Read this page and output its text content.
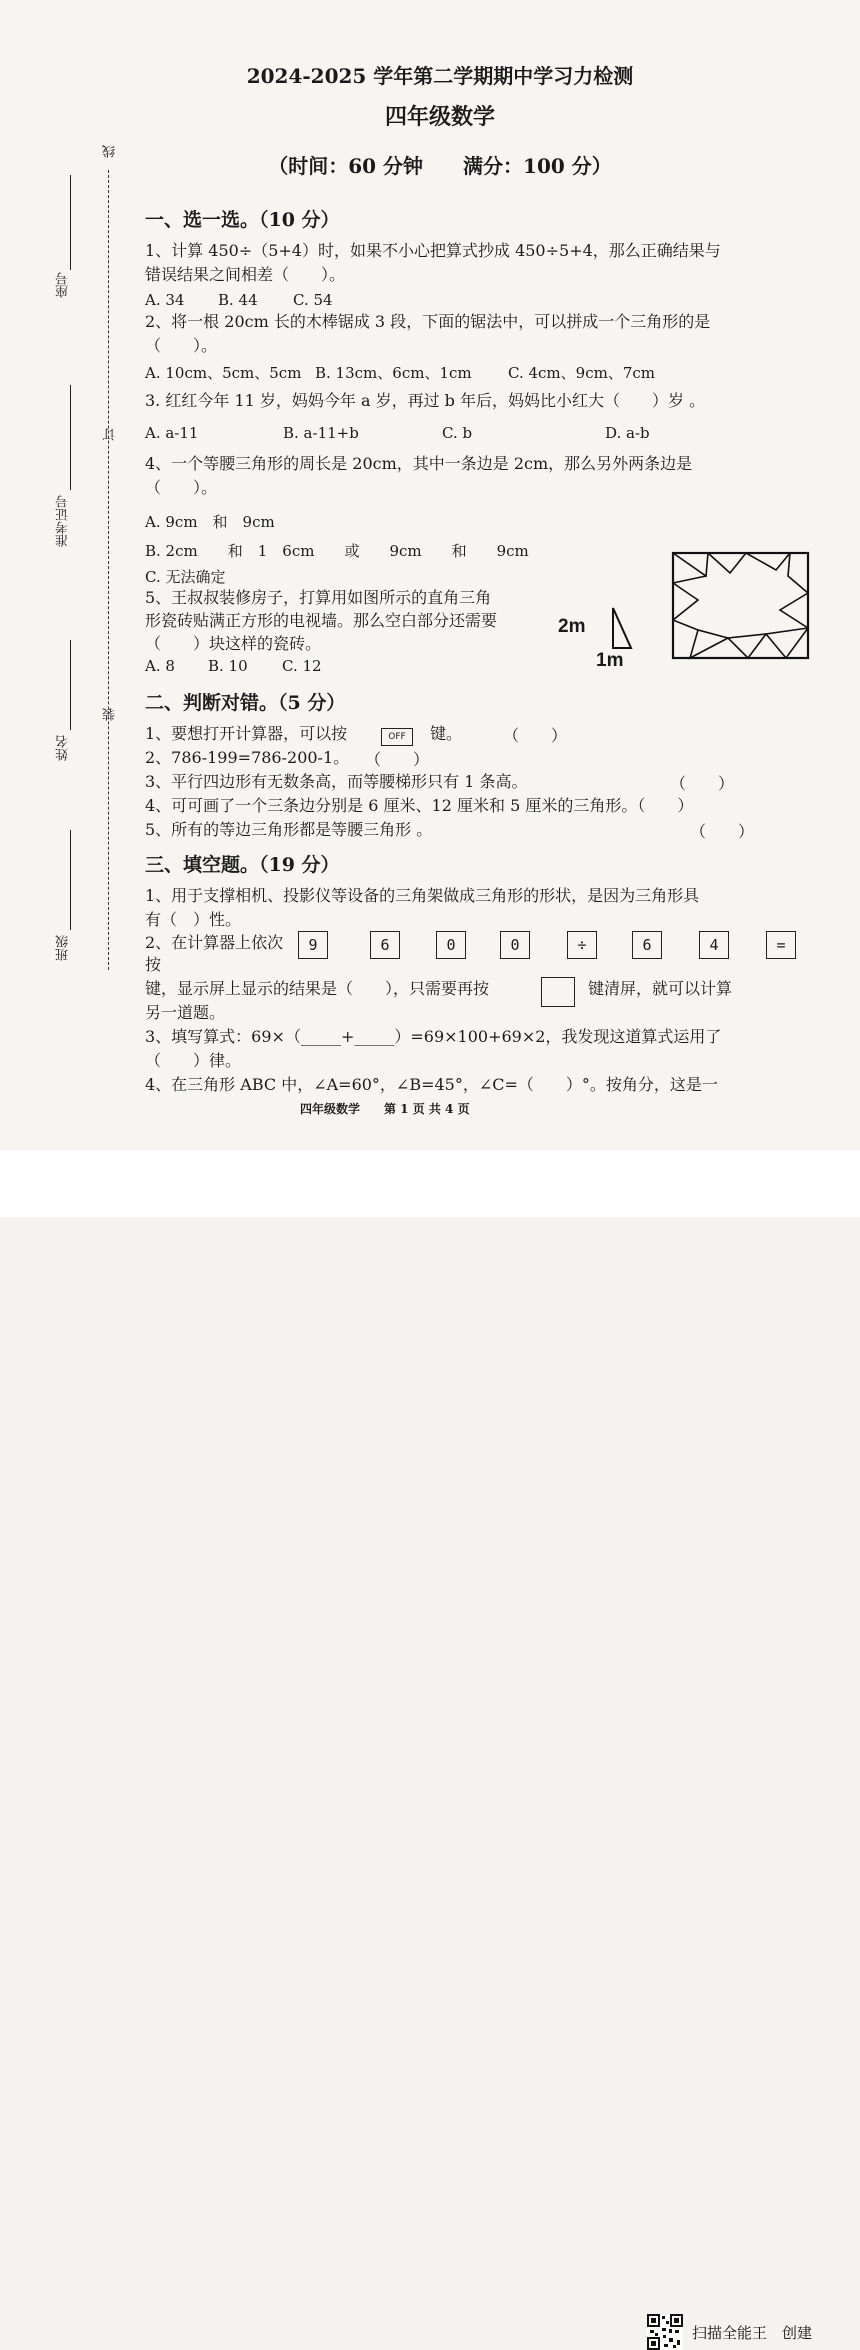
2024-2025 学年第二学期期中学习力检测
四年级数学
（时间：60 分钟　　满分：100 分）
线
订
装
座号
准考证号
姓名
班级
一、选一选。（10 分）
1、计算 450÷（5+4）时，如果不小心把算式抄成 450÷5+4，那么正确结果与
错误结果之间相差（　　）。
A. 34 B. 44 C. 54
2、将一根 20cm 长的木棒锯成 3 段，下面的锯法中，可以拼成一个三角形的是
（　　）。
A. 10cm、5cm、5cm B. 13cm、6cm、1cm C. 4cm、9cm、7cm
3. 红红今年 11 岁，妈妈今年 a 岁，再过 b 年后，妈妈比小红大（　　）岁 。
A. a-11	B. a-11+b	C. b	D. a-b
4、一个等腰三角形的周长是 20cm，其中一条边是 2cm，那么另外两条边是
（　　）。
A. 9cm　和　9cm
B. 2cm　　和　1　6cm　　或　　9cm　　和　　9cm
C. 无法确定
5、王叔叔装修房子，打算用如图所示的直角三角
形瓷砖贴满正方形的电视墙。那么空白部分还需要
（　　）块这样的瓷砖。
A. 8 B. 10 C. 12
2m
1m
二、判断对错。（5 分）
1、要想打开计算器，可以按	OFF	键。	（　　）
2、786-199=786-200-1。 （　　）
3、平行四边形有无数条高，而等腰梯形只有 1 条高。	（　　）
4、可可画了一个三条边分别是 6 厘米、12 厘米和 5 厘米的三角形。（　　）
5、所有的等边三角形都是等腰三角形 。	（　　）
三、填空题。（19 分）
1、用于支撑相机、投影仪等设备的三角架做成三角形的形状，是因为三角形具
有（　）性。
2、在计算器上依次
按
9	6	0	0	÷	6	4	=
键，显示屏上显示的结果是（　　），只需要再按	键清屏，就可以计算
另一道题。
3、填写算式：69×（_____+_____）=69×100+69×2，我发现这道算式运用了
（　　）律。
4、在三角形 ABC 中，∠A=60°，∠B=45°，∠C=（　　）°。按角分，这是一
四年级数学　　第 1 页 共 4 页
扫描全能王　创建
